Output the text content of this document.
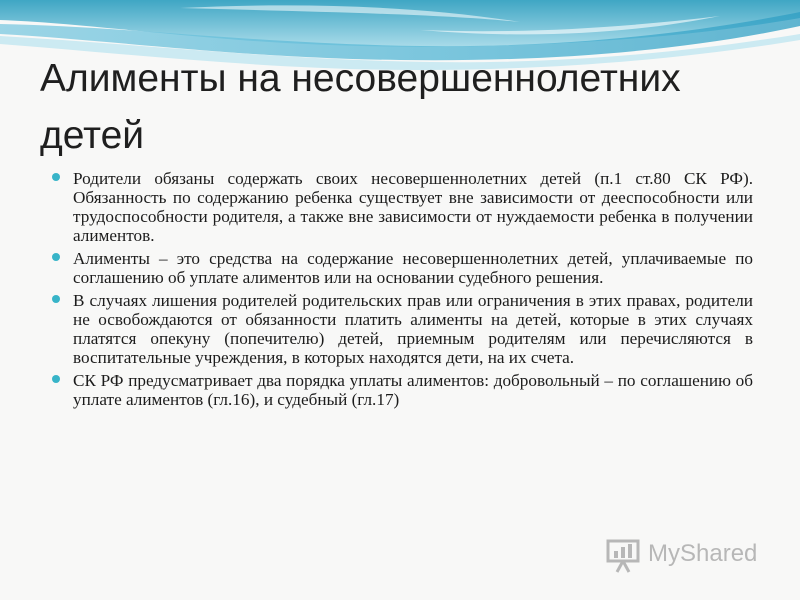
Алименты на несовершеннолетних детей
Родители обязаны содержать своих несовершеннолетних детей (п.1 ст.80 СК РФ). Обязанность по содержанию ребенка существует вне зависимости от дееспособности или трудоспособности родителя, а также вне зависимости от нуждаемости ребенка в получении алиментов.
Алименты – это средства на содержание несовершеннолетних детей, уплачиваемые по соглашению об уплате алиментов или на основании судебного решения.
В случаях лишения родителей родительских прав или ограничения в этих правах, родители не освобождаются от обязанности платить алименты на детей, которые в этих случаях платятся опекуну (попечителю) детей, приемным родителям или перечисляются в воспитательные учреждения, в которых находятся дети, на их счета.
СК РФ предусматривает два порядка уплаты алиментов: добровольный – по соглашению об уплате алиментов (гл.16), и судебный (гл.17)
MyShared
